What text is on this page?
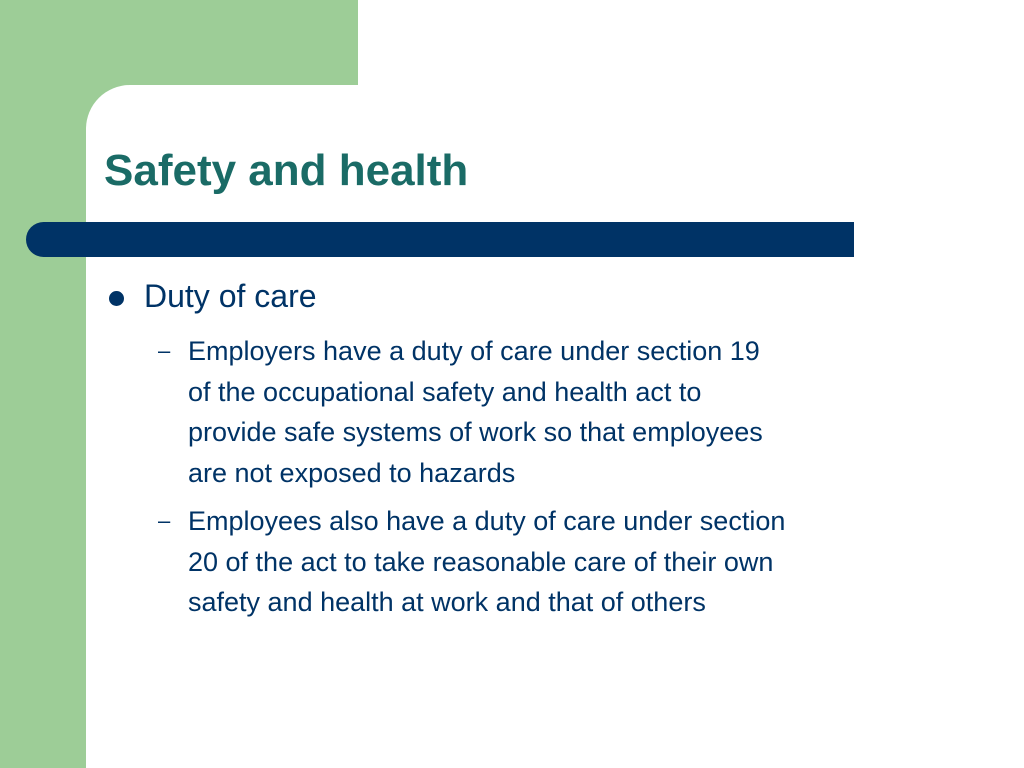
Safety and health
Duty of care
– Employers have a duty of care under section 19
of the occupational safety and health act to
provide safe systems of work so that employees
are not exposed to hazards
– Employees also have a duty of care under section
20 of the act to take reasonable care of their own
safety and health at work and that of others
